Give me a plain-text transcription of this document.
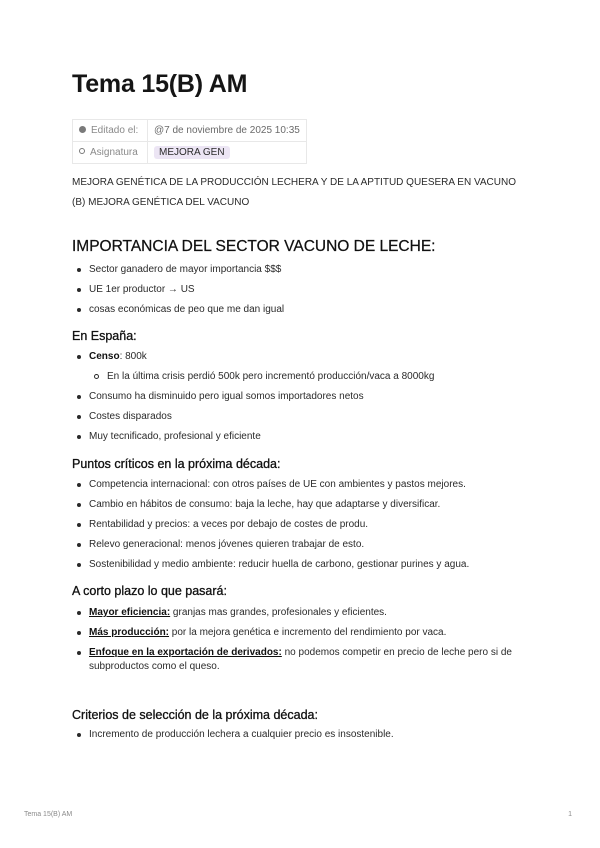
Tema 15(B) AM
Editado el:	@7 de noviembre de 2025 10:35
Asignatura	MEJORA GEN
MEJORA GENÉTICA DE LA PRODUCCIÓN LECHERA Y DE LA APTITUD QUESERA EN VACUNO
(B) MEJORA GENÉTICA DEL VACUNO
IMPORTANCIA DEL SECTOR VACUNO DE LECHE:
Sector ganadero de mayor importancia $$$
UE 1er productor → US
cosas económicas de peo que me dan igual
En España:
Censo: 800k
En la última crisis perdió 500k pero incrementó producción/vaca a 8000kg
Consumo ha disminuido pero igual somos importadores netos
Costes disparados
Muy tecnificado, profesional y eficiente
Puntos críticos en la próxima década:
Competencia internacional: con otros países de UE con ambientes y pastos mejores.
Cambio en hábitos de consumo: baja la leche, hay que adaptarse y diversificar.
Rentabilidad y precios: a veces por debajo de costes de produ.
Relevo generacional: menos jóvenes quieren trabajar de esto.
Sostenibilidad y medio ambiente: reducir huella de carbono, gestionar purines y agua.
A corto plazo lo que pasará:
Mayor eficiencia: granjas mas grandes, profesionales y eficientes.
Más producción: por la mejora genética e incremento del rendimiento por vaca.
Enfoque en la exportación de derivados: no podemos competir en precio de leche pero si de subproductos como el queso.
Criterios de selección de la próxima década:
Incremento de producción lechera a cualquier precio es insostenible.
Tema 15(B) AM	1
